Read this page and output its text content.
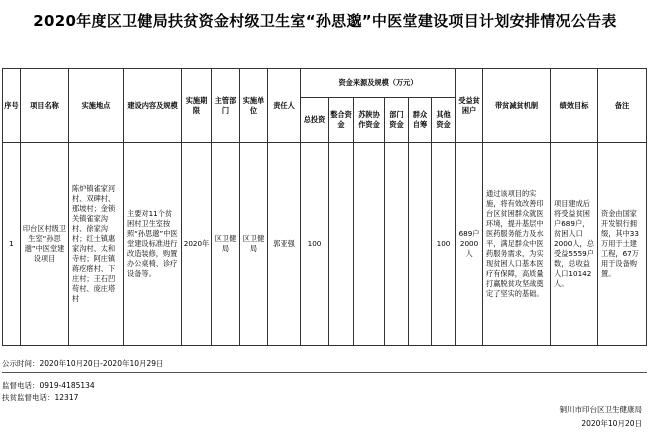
2020年度区卫健局扶贫资金村级卫生室“孙思邈”中医堂建设项目计划安排情况公告表
序号	项目名称	实施地点	建设内容及规模	实施期限	主管部门	实施单位	责任人	资金来源及规模（万元）						受益贫困户	带贫减贫机制	绩效目标	备注
								总投资	整合资金	苏陕协作资金	部门资金	群众自筹	其他资金				
1	印台区村级卫生室“孙思邈”中医堂建设项目	陈炉镇雀家河村、双碑村、那坡村；金锁关镇雀家沟村、徐家沟村；红土镇惠家沟村、太和寺村；阿庄镇蒋疙瘩村、下庄村；王石凹苟村、庞庄塔村	主要对11个贫困村卫生室按照“孙思邈”中医堂建设标准进行改造装修，购置办公桌椅、诊疗设备等。	2020年	区卫健局	区卫健局	郭亚强	100					100	689户2000人	通过该项目的实施，将有效改善印台区贫困群众就医环境，提升基层中医药服务能力及水平，满足群众中医药服务需求，为实现贫困人口基本医疗有保障，高质量打赢脱贫攻坚战奠定了坚实的基础。	项目建成后将受益贫困户689户，贫困人口2000人，总受益5559户数，总收益人口10142人。	资金由国家开发银行拥缀，其中33万用于土建工程，67万用于设备购置。
公示时间：2020年10月20日-2020年10月29日
监督电话：0919-4185134
扶贫监督电话：12317
铜川市印台区卫生健康局
2020年10月20日
